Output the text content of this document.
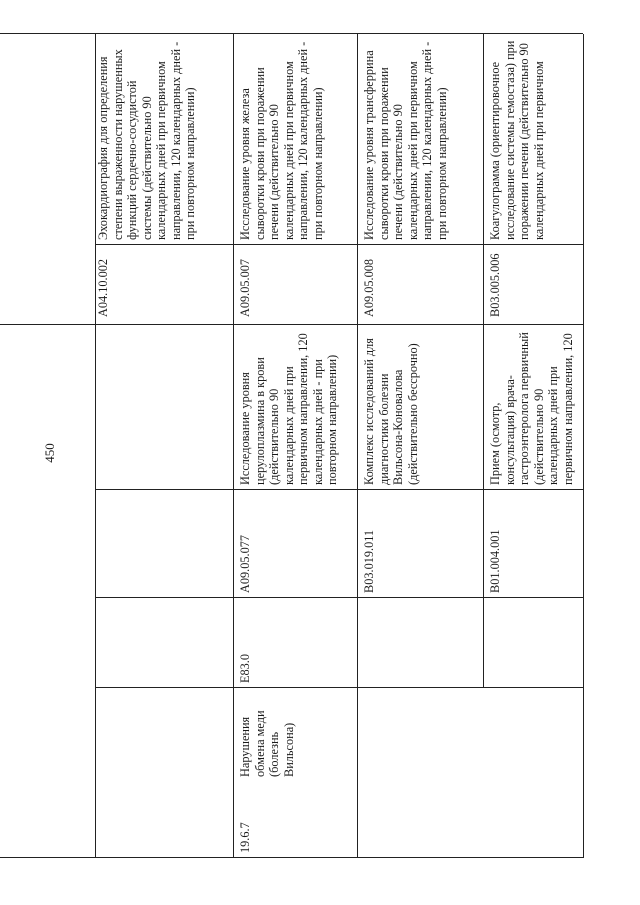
450
A04.10.002
Эхокардиография для определения степени выраженности нарушенных функций сердечно-сосудистой системы (действительно 90 календарных дней при первичном направлении, 120 календарных дней - при повторном направлении)
19.6.7
Нарушения обмена меди (болезнь Вильсона)
E83.0
A09.05.077
Исследование уровня церулоплазмина в крови (действительно 90 календарных дней при первичном направлении, 120 календарных дней - при повторном направлении)
A09.05.007
Исследование уровня железа сыворотки крови при поражении печени (действительно 90 календарных дней при первичном направлении, 120 календарных дней - при повторном направлении)
B03.019.011
Комплекс исследований для диагностики болезни Вильсона-Коновалова (действительно бессрочно)
A09.05.008
Исследование уровня трансферрина сыворотки крови при поражении печени (действительно 90 календарных дней при первичном направлении, 120 календарных дней - при повторном направлении)
B01.004.001
Прием (осмотр, консультация) врача-гастроэнтеролога первичный (действительно 90 календарных дней при первичном направлении, 120
B03.005.006
Коагулограмма (ориентировочное исследование системы гемостаза) при поражении печени (действительно 90 календарных дней при первичном
